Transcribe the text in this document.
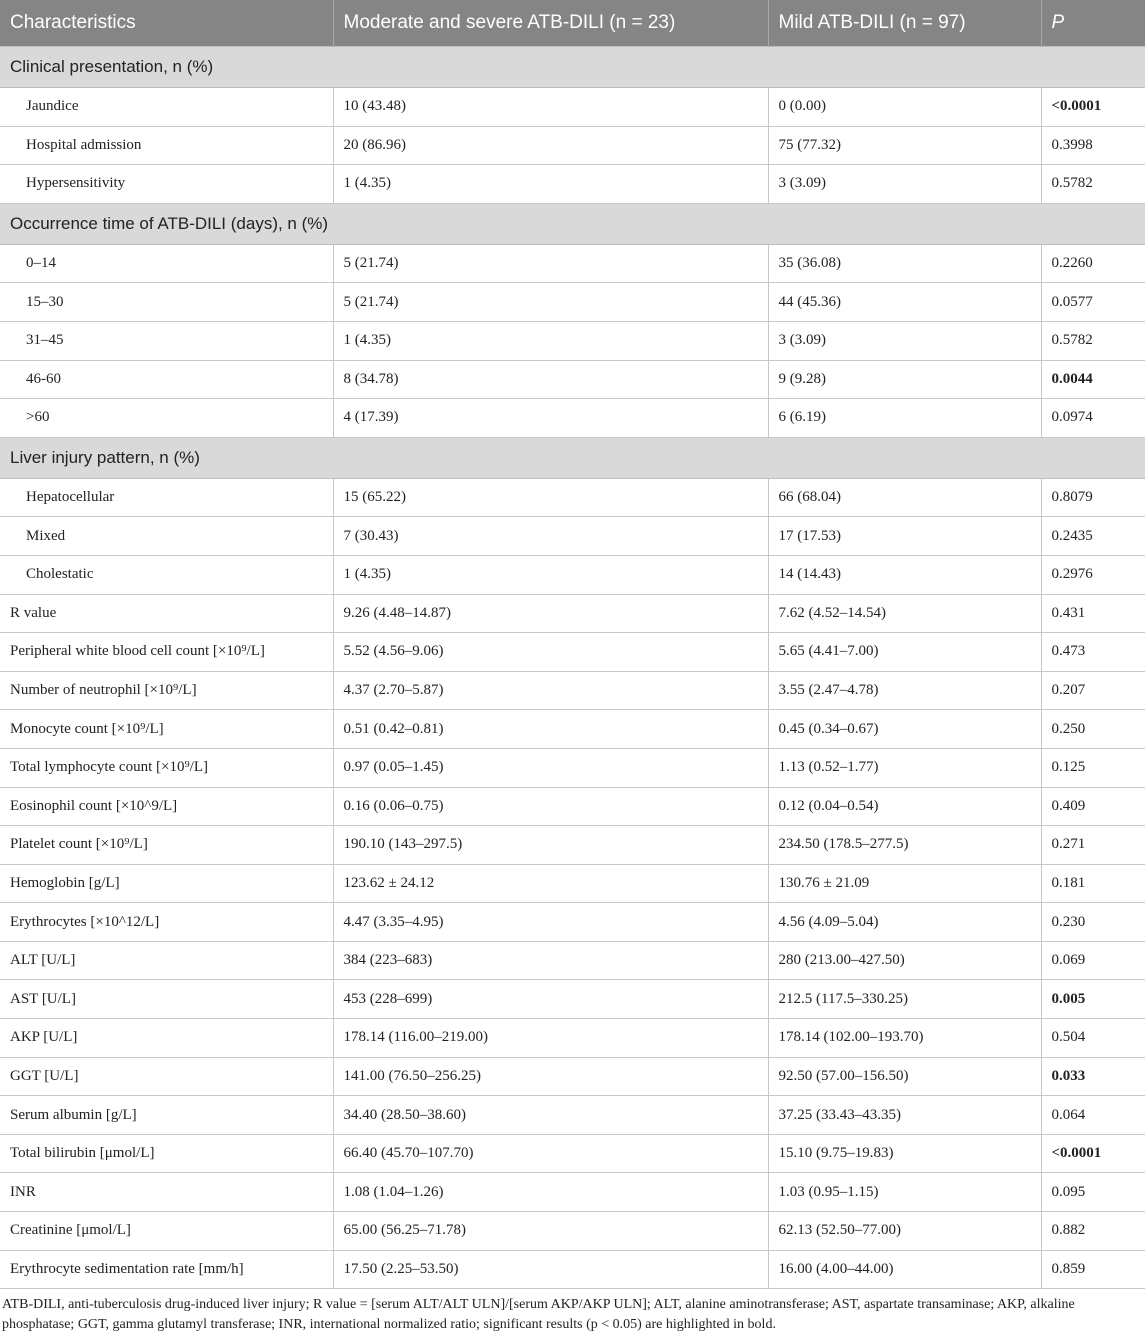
Characteristics	Moderate and severe ATB-DILI (n = 23)	Mild ATB-DILI (n = 97)	P
Clinical presentation, n (%)			
Jaundice	10 (43.48)	0 (0.00)	<0.0001
Hospital admission	20 (86.96)	75 (77.32)	0.3998
Hypersensitivity	1 (4.35)	3 (3.09)	0.5782
Occurrence time of ATB-DILI (days), n (%)			
0–14	5 (21.74)	35 (36.08)	0.2260
15–30	5 (21.74)	44 (45.36)	0.0577
31–45	1 (4.35)	3 (3.09)	0.5782
46-60	8 (34.78)	9 (9.28)	0.0044
>60	4 (17.39)	6 (6.19)	0.0974
Liver injury pattern, n (%)			
Hepatocellular	15 (65.22)	66 (68.04)	0.8079
Mixed	7 (30.43)	17 (17.53)	0.2435
Cholestatic	1 (4.35)	14 (14.43)	0.2976
R value	9.26 (4.48–14.87)	7.62 (4.52–14.54)	0.431
Peripheral white blood cell count [×10⁹/L]	5.52 (4.56–9.06)	5.65 (4.41–7.00)	0.473
Number of neutrophil [×10⁹/L]	4.37 (2.70–5.87)	3.55 (2.47–4.78)	0.207
Monocyte count [×10⁹/L]	0.51 (0.42–0.81)	0.45 (0.34–0.67)	0.250
Total lymphocyte count [×10⁹/L]	0.97 (0.05–1.45)	1.13 (0.52–1.77)	0.125
Eosinophil count [×10^9/L]	0.16 (0.06–0.75)	0.12 (0.04–0.54)	0.409
Platelet count [×10⁹/L]	190.10 (143–297.5)	234.50 (178.5–277.5)	0.271
Hemoglobin [g/L]	123.62 ± 24.12	130.76 ± 21.09	0.181
Erythrocytes [×10^12/L]	4.47 (3.35–4.95)	4.56 (4.09–5.04)	0.230
ALT [U/L]	384 (223–683)	280 (213.00–427.50)	0.069
AST [U/L]	453 (228–699)	212.5 (117.5–330.25)	0.005
AKP [U/L]	178.14 (116.00–219.00)	178.14 (102.00–193.70)	0.504
GGT [U/L]	141.00 (76.50–256.25)	92.50 (57.00–156.50)	0.033
Serum albumin [g/L]	34.40 (28.50–38.60)	37.25 (33.43–43.35)	0.064
Total bilirubin [μmol/L]	66.40 (45.70–107.70)	15.10 (9.75–19.83)	<0.0001
INR	1.08 (1.04–1.26)	1.03 (0.95–1.15)	0.095
Creatinine [μmol/L]	65.00 (56.25–71.78)	62.13 (52.50–77.00)	0.882
Erythrocyte sedimentation rate [mm/h]	17.50 (2.25–53.50)	16.00 (4.00–44.00)	0.859
ATB-DILI, anti-tuberculosis drug-induced liver injury; R value = [serum ALT/ALT ULN]/[serum AKP/AKP ULN]; ALT, alanine aminotransferase; AST, aspartate transaminase; AKP, alkaline phosphatase; GGT, gamma glutamyl transferase; INR, international normalized ratio; significant results (p < 0.05) are highlighted in bold.
